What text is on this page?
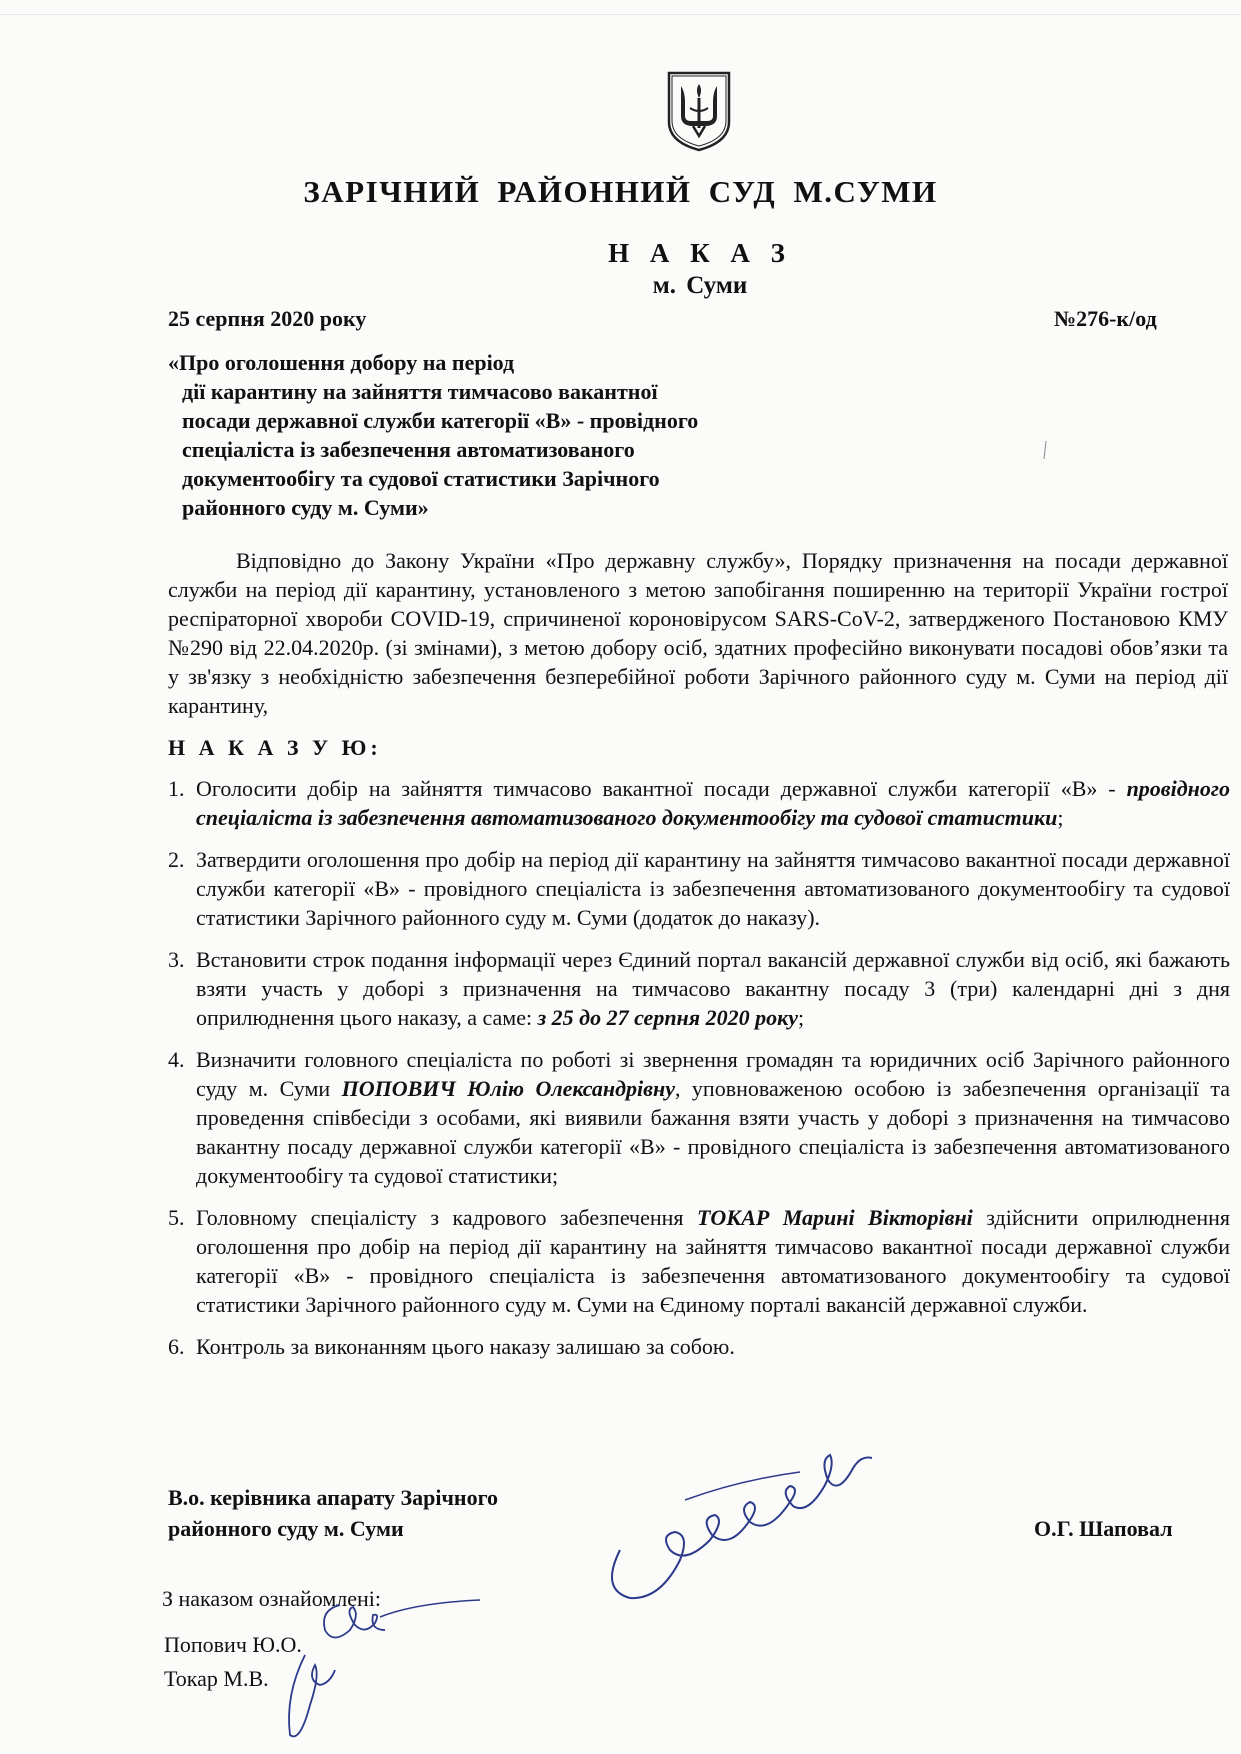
ЗАРІЧНИЙ РАЙОННИЙ СУД М.СУМИ
Н А К А З
м. Суми
25 серпня 2020 року	№276-к/од
«Про оголошення добору на період
дії карантину на зайняття тимчасово вакантної
посади державної служби категорії «В» - провідного
спеціаліста із забезпечення автоматизованого
документообігу та судової статистики Зарічного
районного суду м. Суми»
Відповідно до Закону України «Про державну службу», Порядку призначення на посади державної служби на період дії карантину, установленого з метою запобігання поширенню на території України гострої респіраторної хвороби COVID-19, спричиненої короновірусом SARS-CoV-2, затвердженого Постановою КМУ №290 від 22.04.2020р. (зі змінами), з метою добору осіб, здатних професійно виконувати посадові обов’язки та у зв'язку з необхідністю забезпечення безперебійної роботи Зарічного районного суду м. Суми на період дії карантину,
Н А К А З У Ю:
1. Оголосити добір на зайняття тимчасово вакантної посади державної служби категорії «В» - провідного спеціаліста із забезпечення автоматизованого документообігу та судової статистики;
2. Затвердити оголошення про добір на період дії карантину на зайняття тимчасово вакантної посади державної служби категорії «В» - провідного спеціаліста із забезпечення автоматизованого документообігу та судової статистики Зарічного районного суду м. Суми (додаток до наказу).
3. Встановити строк подання інформації через Єдиний портал вакансій державної служби від осіб, які бажають взяти участь у доборі з призначення на тимчасово вакантну посаду 3 (три) календарні дні з дня оприлюднення цього наказу, а саме: з 25 до 27 серпня 2020 року;
4. Визначити головного спеціаліста по роботі зі звернення громадян та юридичних осіб Зарічного районного суду м. Суми ПОПОВИЧ Юлію Олександрівну, уповноваженою особою із забезпечення організації та проведення співбесіди з особами, які виявили бажання взяти участь у доборі з призначення на тимчасово вакантну посаду державної служби категорії «В» - провідного спеціаліста із забезпечення автоматизованого документообігу та судової статистики;
5. Головному спеціалісту з кадрового забезпечення ТОКАР Марині Вікторівні здійснити оприлюднення оголошення про добір на період дії карантину на зайняття тимчасово вакантної посади державної служби категорії «В» - провідного спеціаліста із забезпечення автоматизованого документообігу та судової статистики Зарічного районного суду м. Суми на Єдиному порталі вакансій державної служби.
6. Контроль за виконанням цього наказу залишаю за собою.
В.о. керівника апарату Зарічного
районного суду м. Суми	О.Г. Шаповал
З наказом ознайомлені:
Попович Ю.О.
Токар М.В.
